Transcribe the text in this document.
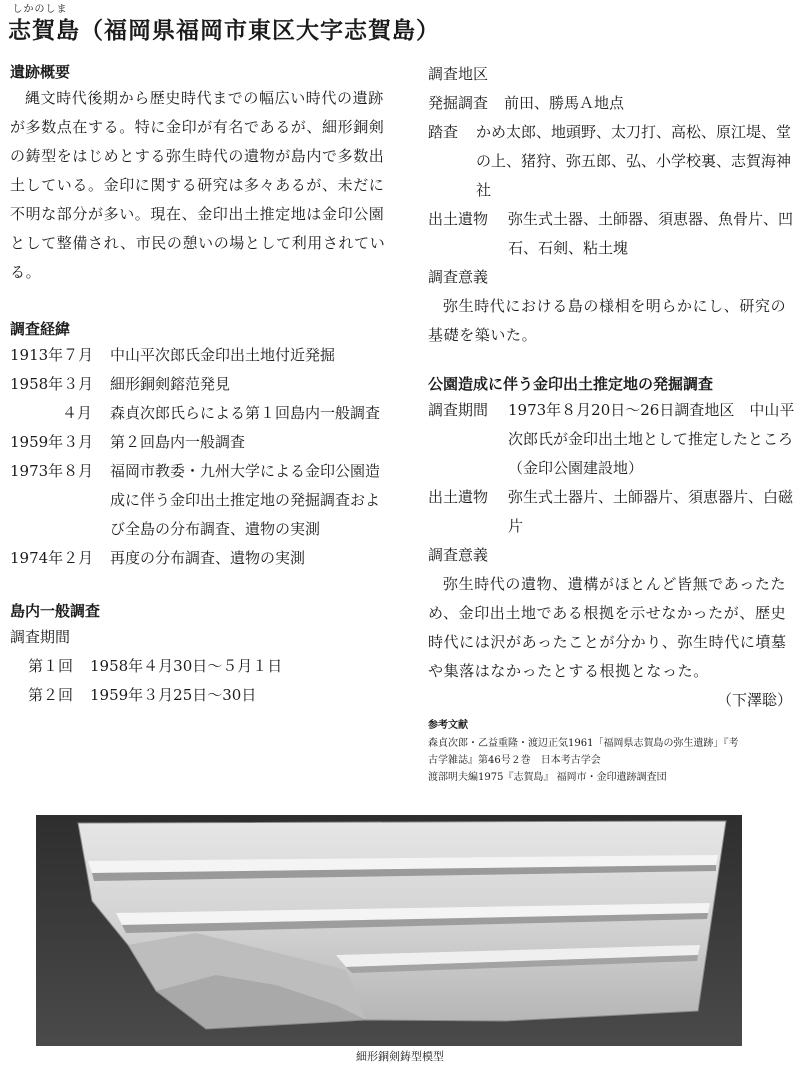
しかのしま
志賀島（福岡県福岡市東区大字志賀島）
遺跡概要

縄文時代後期から歴史時代までの幅広い時代の遺跡が多数点在する。特に金印が有名であるが、細形銅剣の鋳型をはじめとする弥生時代の遺物が島内で多数出土している。金印に関する研究は多々あるが、未だに不明な部分が多い。現在、金印出土推定地は金印公園として整備され、市民の憩いの場として利用されている。

調査経緯
1913年７月	中山平次郎氏金印出土地付近発掘
1958年３月	細形銅剣鎔范発見
４月	森貞次郎氏らによる第１回島内一般調査
1959年３月	第２回島内一般調査
1973年８月	福岡市教委・九州大学による金印公園造成に伴う金印出土推定地の発掘調査および全島の分布調査、遺物の実測
1974年２月	再度の分布調査、遺物の実測
島内一般調査
調査期間
第１回	1958年４月30日～５月１日
第２回	1959年３月25日～30日
調査地区
発掘調査	前田、勝馬Ａ地点
踏査	かめ太郎、地頭野、太刀打、高松、原江堤、堂の上、猪狩、弥五郎、弘、小学校裏、志賀海神社
出土遺物	弥生式土器、土師器、須恵器、魚骨片、凹石、石剣、粘土塊
調査意義

弥生時代における島の様相を明らかにし、研究の基礎を築いた。

公園造成に伴う金印出土推定地の発掘調査
調査期間	1973年８月20日～26日調査地区　中山平次郎氏が金印出土地として推定したところ（金印公園建設地）
出土遺物	弥生式土器片、土師器片、須恵器片、白磁片
調査意義

弥生時代の遺物、遺構がほとんど皆無であったため、金印出土地である根拠を示せなかったが、歴史時代には沢があったことが分かり、弥生時代に墳墓や集落はなかったとする根拠となった。

（下澤聡）
参考文献
森貞次郎・乙益重隆・渡辺正気1961「福岡県志賀島の弥生遺跡」『考
古学雑誌』第46号２巻　日本考古学会
渡部明夫編1975『志賀島』 福岡市・金印遺跡調査団
細形銅剣鋳型模型
